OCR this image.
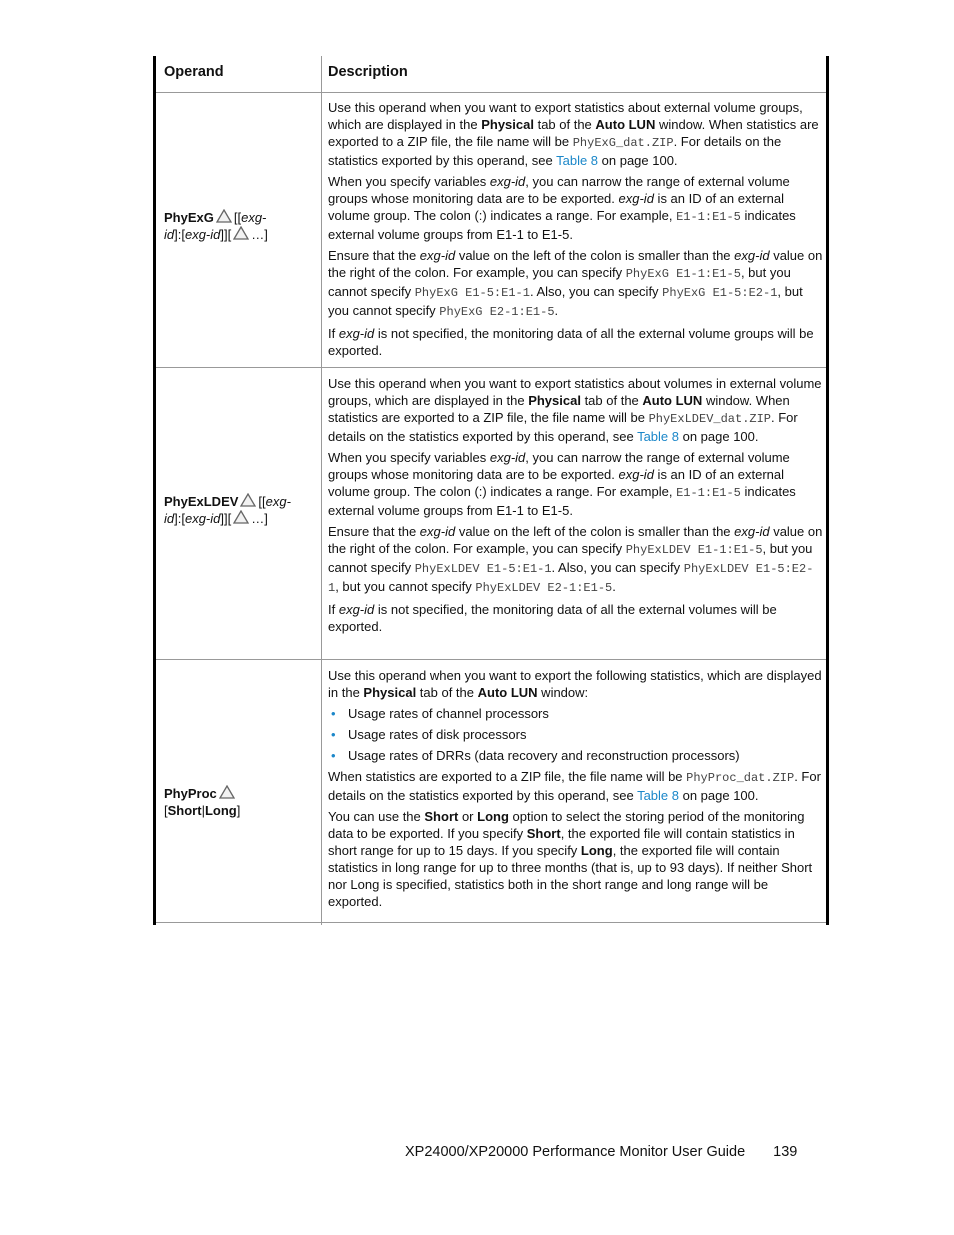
Operand	Description
PhyExG [[exg-
id]:[exg-id]][ …]

Use this operand when you want to export statistics about external volume groups, which are displayed in the Physical tab of the Auto LUN window. When statistics are exported to a ZIP file, the file name will be PhyExG_dat.ZIP. For details on the statistics exported by this operand, see Table 8 on page 100.

When you specify variables exg-id, you can narrow the range of external volume groups whose monitoring data are to be exported. exg-id is an ID of an external volume group. The colon (:) indicates a range. For example, E1-1:E1-5 indicates external volume groups from E1-1 to E1-5.

Ensure that the exg-id value on the left of the colon is smaller than the exg-id value on the right of the colon. For example, you can specify PhyExG E1-1:E1-5, but you cannot specify PhyExG E1-5:E1-1. Also, you can specify PhyExG E1-5:E2-1, but you cannot specify PhyExG E2-1:E1-5.

If exg-id is not specified, the monitoring data of all the external volume groups will be exported.

PhyExLDEV [[exg-
id]:[exg-id]][ …]

Use this operand when you want to export statistics about volumes in external volume groups, which are displayed in the Physical tab of the Auto LUN window. When statistics are exported to a ZIP file, the file name will be PhyExLDEV_dat.ZIP. For details on the statistics exported by this operand, see Table 8 on page 100.

When you specify variables exg-id, you can narrow the range of external volume groups whose monitoring data are to be exported. exg-id is an ID of an external volume group. The colon (:) indicates a range. For example, E1-1:E1-5 indicates external volume groups from E1-1 to E1-5.

Ensure that the exg-id value on the left of the colon is smaller than the exg-id value on the right of the colon. For example, you can specify PhyExLDEV E1-1:E1-5, but you cannot specify PhyExLDEV E1-5:E1-1. Also, you can specify PhyExLDEV E1-5:E2-1, but you cannot specify PhyExLDEV E2-1:E1-5.

If exg-id is not specified, the monitoring data of all the external volumes will be exported.

PhyProc[Short|Long]

Use this operand when you want to export the following statistics, which are displayed in the Physical tab of the Auto LUN window:

• Usage rates of channel processors
• Usage rates of disk processors
• Usage rates of DRRs (data recovery and reconstruction processors)

When statistics are exported to a ZIP file, the file name will be PhyProc_dat.ZIP. For details on the statistics exported by this operand, see Table 8 on page 100.

You can use the Short or Long option to select the storing period of the monitoring data to be exported. If you specify Short, the exported file will contain statistics in short range for up to 15 days. If you specify Long, the exported file will contain statistics in long range for up to three months (that is, up to 93 days). If neither Short nor Long is specified, statistics both in the short range and long range will be exported.

XP24000/XP20000 Performance Monitor User Guide 139
